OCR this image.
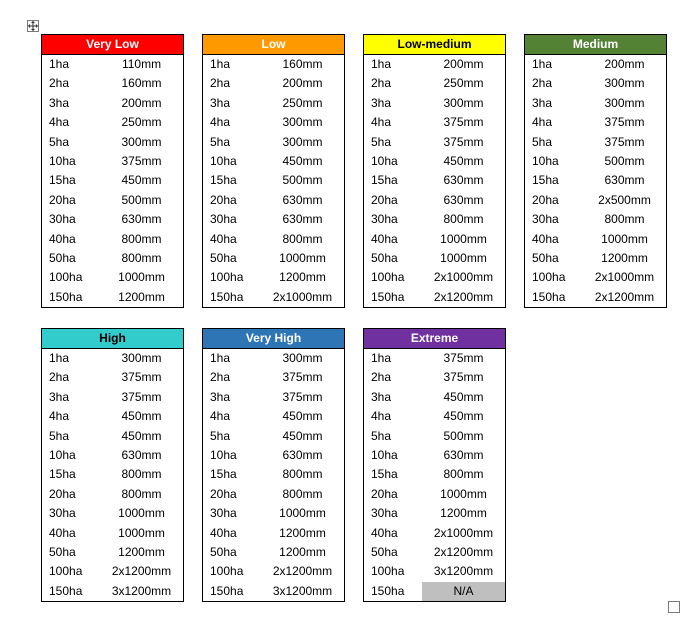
Very Low
1ha	110mm
2ha	160mm
3ha	200mm
4ha	250mm
5ha	300mm
10ha	375mm
15ha	450mm
20ha	500mm
30ha	630mm
40ha	800mm
50ha	800mm
100ha	1000mm
150ha	1200mm
Low
1ha	160mm
2ha	200mm
3ha	250mm
4ha	300mm
5ha	300mm
10ha	450mm
15ha	500mm
20ha	630mm
30ha	630mm
40ha	800mm
50ha	1000mm
100ha	1200mm
150ha	2x1000mm
Low-medium
1ha	200mm
2ha	250mm
3ha	300mm
4ha	375mm
5ha	375mm
10ha	450mm
15ha	630mm
20ha	630mm
30ha	800mm
40ha	1000mm
50ha	1000mm
100ha	2x1000mm
150ha	2x1200mm
Medium
1ha	200mm
2ha	300mm
3ha	300mm
4ha	375mm
5ha	375mm
10ha	500mm
15ha	630mm
20ha	2x500mm
30ha	800mm
40ha	1000mm
50ha	1200mm
100ha	2x1000mm
150ha	2x1200mm
High
1ha	300mm
2ha	375mm
3ha	375mm
4ha	450mm
5ha	450mm
10ha	630mm
15ha	800mm
20ha	800mm
30ha	1000mm
40ha	1000mm
50ha	1200mm
100ha	2x1200mm
150ha	3x1200mm
Very High
1ha	300mm
2ha	375mm
3ha	375mm
4ha	450mm
5ha	450mm
10ha	630mm
15ha	800mm
20ha	800mm
30ha	1000mm
40ha	1200mm
50ha	1200mm
100ha	2x1200mm
150ha	3x1200mm
Extreme
1ha	375mm
2ha	375mm
3ha	450mm
4ha	450mm
5ha	500mm
10ha	630mm
15ha	800mm
20ha	1000mm
30ha	1200mm
40ha	2x1000mm
50ha	2x1200mm
100ha	3x1200mm
150ha	N/A
